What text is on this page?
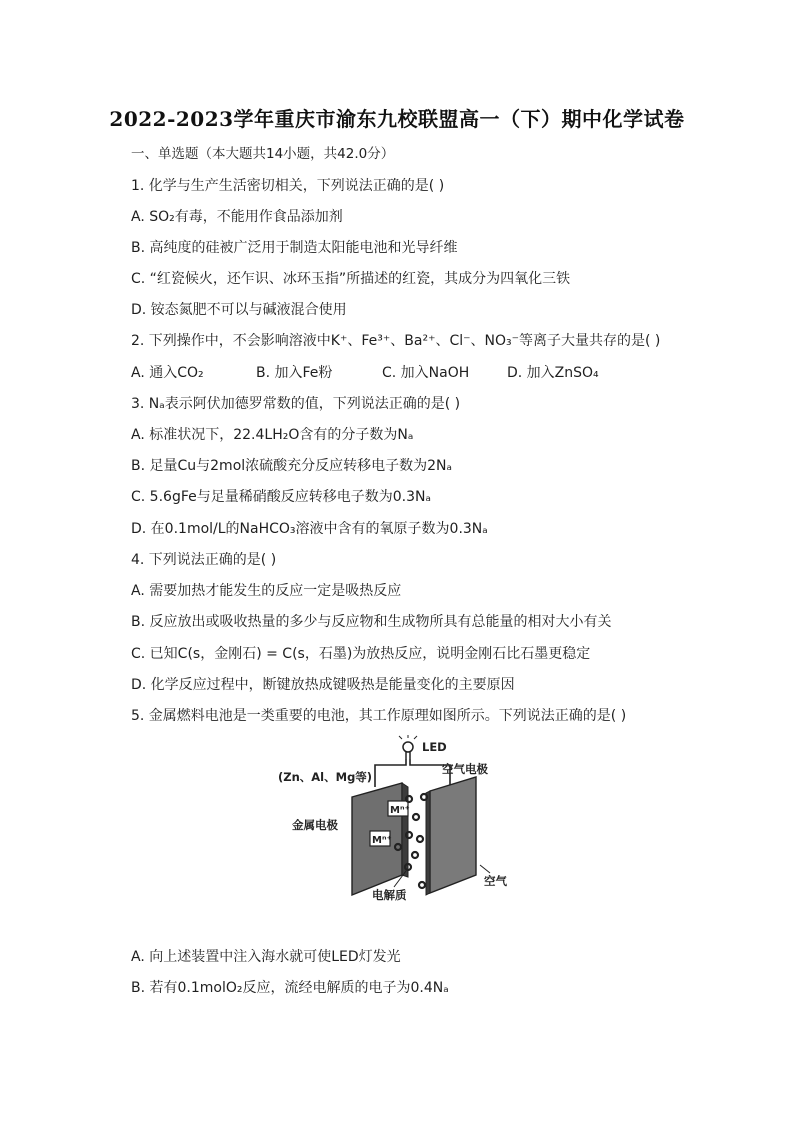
2022-2023学年重庆市渝东九校联盟高一（下）期中化学试卷
一、单选题（本大题共14小题，共42.0分）
1. 化学与生产生活密切相关，下列说法正确的是( )
A. SO₂有毒，不能用作食品添加剂
B. 高纯度的硅被广泛用于制造太阳能电池和光导纤维
C. “红瓷候火，还乍识、冰环玉指”所描述的红瓷，其成分为四氧化三铁
D. 铵态氮肥不可以与碱液混合使用
2. 下列操作中，不会影响溶液中K⁺、Fe³⁺、Ba²⁺、Cl⁻、NO₃⁻等离子大量共存的是( )
A. 通入CO₂	B. 加入Fe粉	C. 加入NaOH	D. 加入ZnSO₄
3. Nₐ表示阿伏加德罗常数的值，下列说法正确的是( )
A. 标准状况下，22.4LH₂O含有的分子数为Nₐ
B. 足量Cu与2mol浓硫酸充分反应转移电子数为2Nₐ
C. 5.6gFe与足量稀硝酸反应转移电子数为0.3Nₐ
D. 在0.1mol/L的NaHCO₃溶液中含有的氧原子数为0.3Nₐ
4. 下列说法正确的是( )
A. 需要加热才能发生的反应一定是吸热反应
B. 反应放出或吸收热量的多少与反应物和生成物所具有总能量的相对大小有关
C. 已知C(s，金刚石) = C(s，石墨)为放热反应，说明金刚石比石墨更稳定
D. 化学反应过程中，断键放热成键吸热是能量变化的主要原因
5. 金属燃料电池是一类重要的电池，其工作原理如图所示。下列说法正确的是( )
LED
(Zn、Al、Mg等)
空气电极
金属电极
Mⁿ⁺
Mⁿ⁺
电解质
空气
A. 向上述装置中注入海水就可使LED灯发光
B. 若有0.1molO₂反应，流经电解质的电子为0.4Nₐ
